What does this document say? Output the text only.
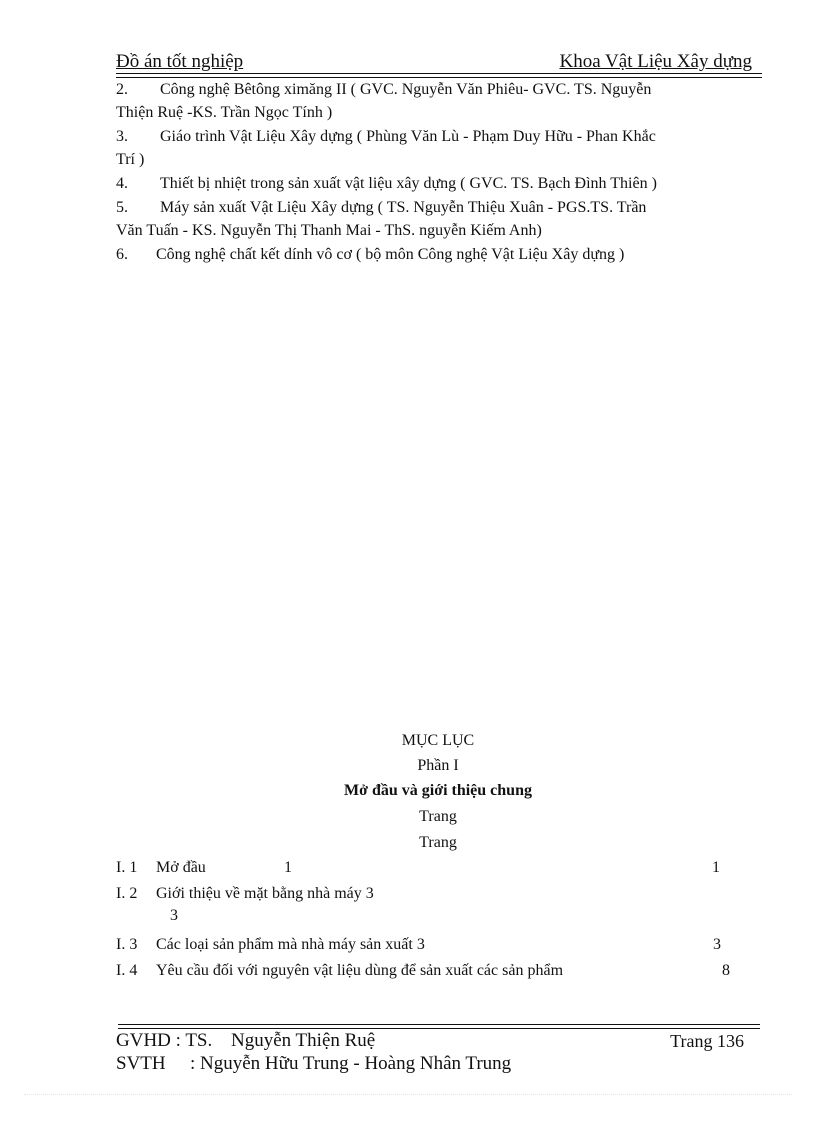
Đồ án tốt nghiệp	Khoa Vật Liệu Xây dựng
2. Công nghệ Bêtông ximăng II ( GVC. Nguyễn Văn Phiêu- GVC. TS. Nguyễn
Thiện Ruệ -KS. Trần Ngọc Tính )
3. Giáo trình Vật Liệu Xây dựng ( Phùng Văn Lù - Phạm Duy Hữu - Phan Khắc
Trí )
4. Thiết bị nhiệt trong sản xuất vật liệu xây dựng ( GVC. TS. Bạch Đình Thiên )
5. Máy sản xuất Vật Liệu Xây dựng ( TS. Nguyễn Thiệu Xuân - PGS.TS. Trần
Văn Tuấn - KS. Nguyễn Thị Thanh Mai - ThS. nguyễn Kiếm Anh)
6. Công nghệ chất kết dính vô cơ ( bộ môn Công nghệ Vật Liệu Xây dựng )
MỤC LỤC
Phần I
Mở đầu và giới thiệu chung
Trang
Trang
I. 1 Mở đầu	1	1
I. 2 Giới thiệu về mặt bằng nhà máy 3
3
I. 3 Các loại sản phẩm mà nhà máy sản xuất 3	3
I. 4 Yêu cầu đối với nguyên vật liệu dùng để sản xuất các sản phẩm	8
GVHD : TS. Nguyễn Thiện Ruệ	Trang 136
SVTH : Nguyễn Hữu Trung - Hoàng Nhân Trung
